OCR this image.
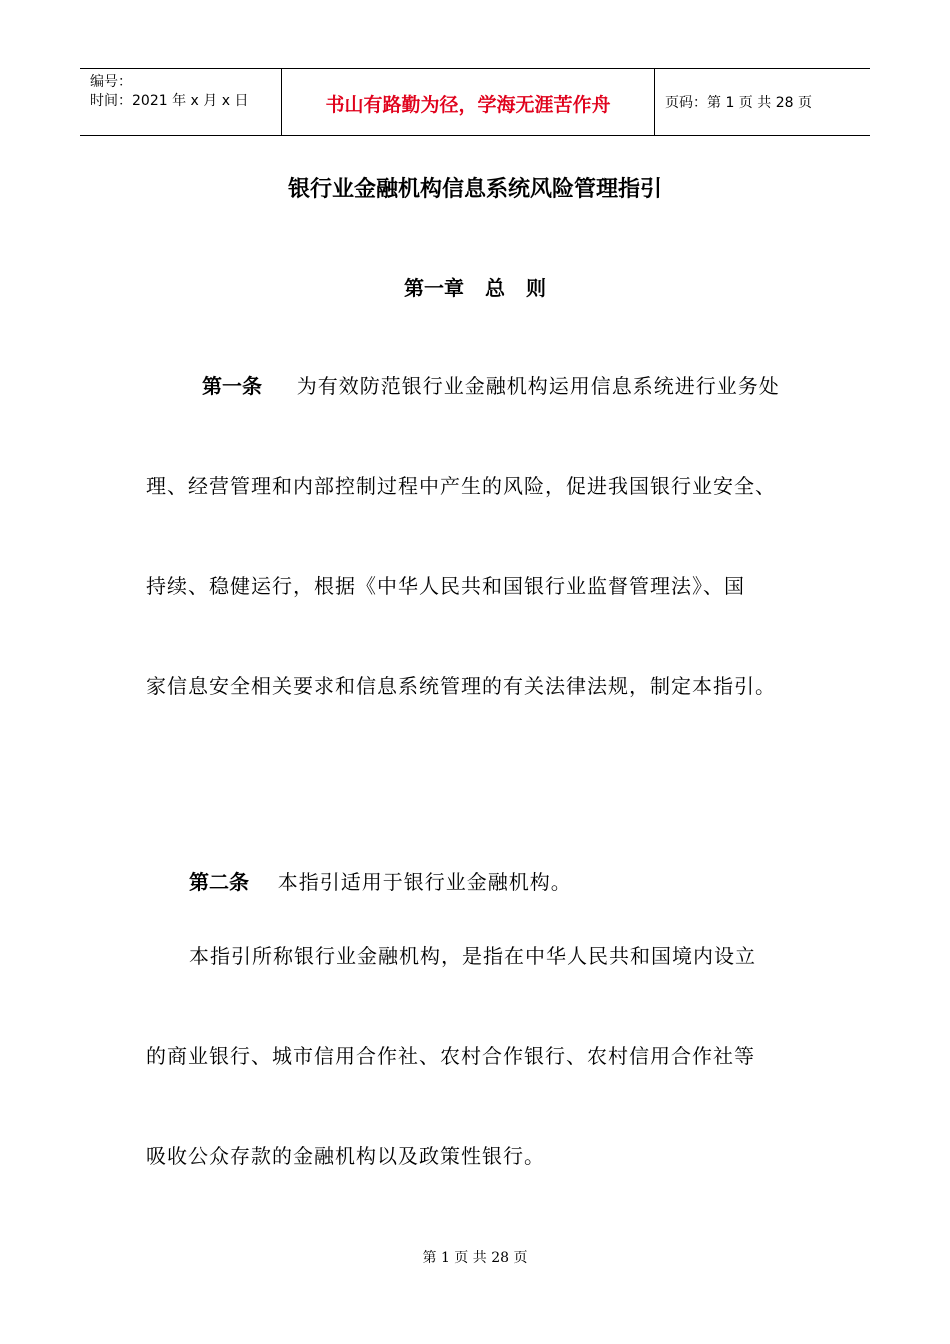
编号：
时间：2021 年 x 月 x 日	书山有路勤为径，学海无涯苦作舟	页码：第 1 页 共 28 页
银行业金融机构信息系统风险管理指引
第一章 总 则
第一条 为有效防范银行业金融机构运用信息系统进行业务处
理、经营管理和内部控制过程中产生的风险，促进我国银行业安全、
持续、稳健运行，根据《中华人民共和国银行业监督管理法》、国
家信息安全相关要求和信息系统管理的有关法律法规，制定本指引。
第二条 本指引适用于银行业金融机构。
本指引所称银行业金融机构，是指在中华人民共和国境内设立
的商业银行、城市信用合作社、农村合作银行、农村信用合作社等
吸收公众存款的金融机构以及政策性银行。
第 1 页 共 28 页
